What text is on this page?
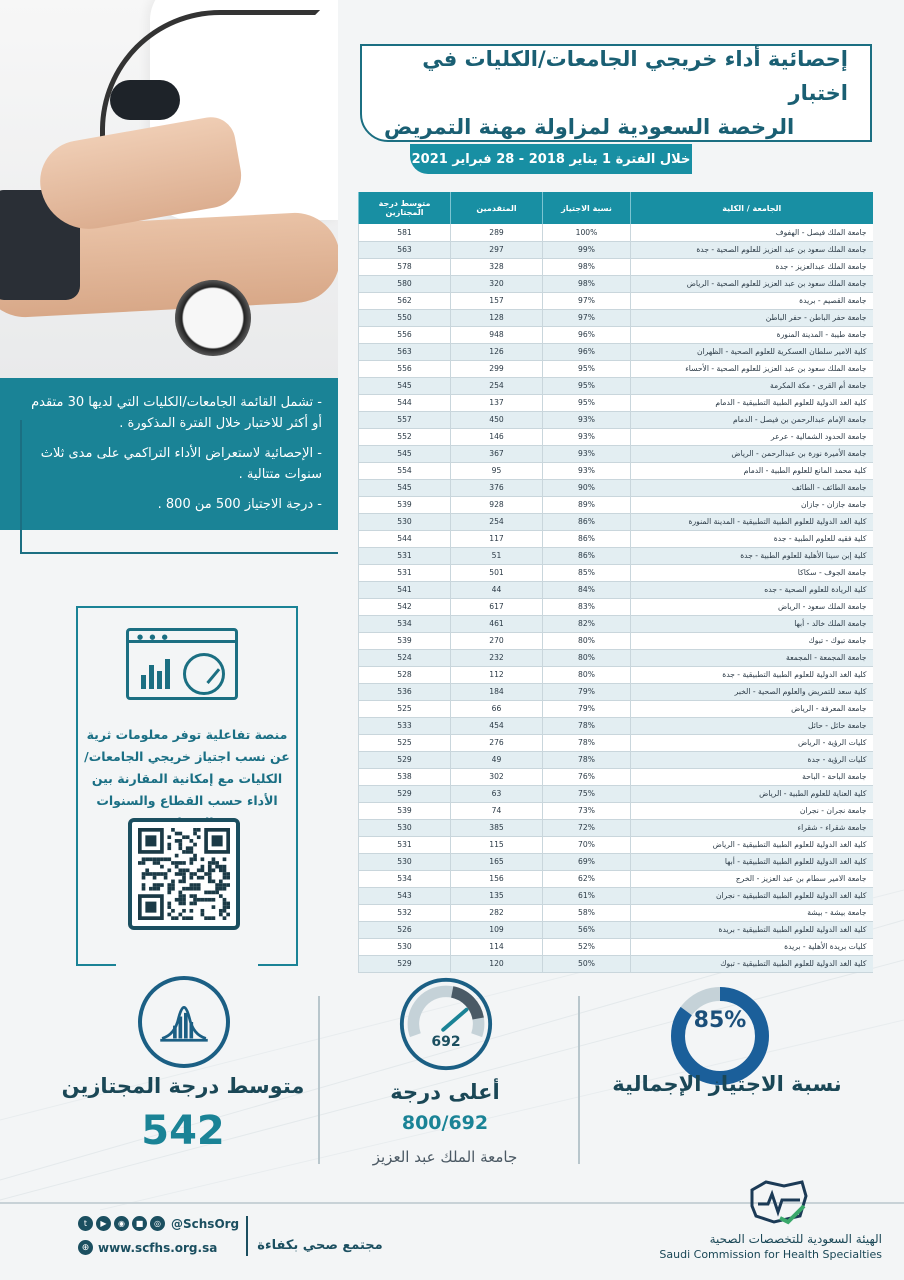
إحصائية أداء خريجي الجامعات/الكليات في اختبار
الرخصة السعودية لمزاولة مهنة التمريض
خلال الفترة 1 يناير 2018 - 28 فبراير 2021
الجامعة / الكلية	نسبة الاجتياز	المتقدمين	متوسط درجة المجتازين
جامعة الملك فيصل - الهفوف	100%	289	581
جامعة الملك سعود بن عبد العزيز للعلوم الصحية - جدة	99%	297	563
جامعة الملك عبدالعزيز - جدة	98%	328	578
جامعة الملك سعود بن عبد العزيز للعلوم الصحية - الرياض	98%	320	580
جامعة القصيم - بريدة	97%	157	562
جامعة حفر الباطن - حفر الباطن	97%	128	550
جامعة طيبة - المدينة المنورة	96%	948	556
كلية الامير سلطان العسكرية للعلوم الصحية - الظهران	96%	126	563
جامعة الملك سعود بن عبد العزيز للعلوم الصحية - الأحساء	95%	299	556
جامعة أم القرى - مكة المكرمة	95%	254	545
كلية الغد الدولية للعلوم الطبية التطبيقية - الدمام	95%	137	544
جامعة الإمام عبدالرحمن بن فيصل - الدمام	93%	450	557
جامعة الحدود الشمالية - عرعر	93%	146	552
جامعة الأميرة نورة بن عبدالرحمن - الرياض	93%	367	545
كلية محمد المانع للعلوم الطبية - الدمام	93%	95	554
جامعة الطائف - الطائف	90%	376	545
جامعة جازان - جازان	89%	928	539
كلية الغد الدولية للعلوم الطبية التطبيقية - المدينة المنورة	86%	254	530
كلية فقيه للعلوم الطبية - جدة	86%	117	544
كلية إبن سينا الأهلية للعلوم الطبية - جدة	86%	51	531
جامعة الجوف - سكاكا	85%	501	531
كلية الريادة للعلوم الصحية - جده	84%	44	541
جامعة الملك سعود - الرياض	83%	617	542
جامعة الملك خالد - أبها	82%	461	534
جامعة تبوك - تبوك	80%	270	539
جامعة المجمعة - المجمعة	80%	232	524
كلية الغد الدولية للعلوم الطبية التطبيقية - جدة	80%	112	528
كلية سعد للتمريض والعلوم الصحية - الخبر	79%	184	536
جامعة المعرفة - الرياض	79%	66	525
جامعة حائل - حائل	78%	454	533
كليات الرؤية - الرياض	78%	276	525
كليات الرؤية - جدة	78%	49	529
جامعة الباحة - الباحة	76%	302	538
كلية العناية للعلوم الطبية - الرياض	75%	63	529
جامعة نجران - نجران	73%	74	539
جامعة شقراء - شقراء	72%	385	530
كلية الغد الدولية للعلوم الطبية التطبيقية - الرياض	70%	115	531
كلية الغد الدولية للعلوم الطبية التطبيقية - أبها	69%	165	530
جامعة الامير سطام بن عبد العزيز - الخرج	62%	156	534
كلية الغد الدولية للعلوم الطبية التطبيقية - نجران	61%	135	543
جامعة بيشة - بيشة	58%	282	532
كلية الغد الدولية للعلوم الطبية التطبيقية - بريدة	56%	109	526
كليات بريدة الأهلية - بريدة	52%	114	530
كلية الغد الدولية للعلوم الطبية التطبيقية - تبوك	50%	120	529

- تشمل القائمة الجامعات/الكليات التي لديها 30 متقدم أو أكثر للاختبار خلال الفترة المذكورة .

- الإحصائية لاستعراض الأداء التراكمي على مدى ثلاث سنوات متتالية .

- درجة الاجتياز 500 من 800 .

● ● ●
منصة تفاعلية توفر معلومات ثرية عن نسب اجتياز خريجي الجامعات/الكليات مع إمكانية المقارنة بين الأداء حسب القطاع والسنوات
85%
نسبة الاجتياز الإجمالية
692
أعلى درجة
800/692
جامعة الملك عبد العزيز
متوسط درجة المجتازين
542
الهيئة السعودية للتخصصات الصحية
Saudi Commission for Health Specialties
t	▶	◉	■	◎ @SchsOrg
⊕ www.scfhs.org.sa	مجتمع صحي بكفاءة
